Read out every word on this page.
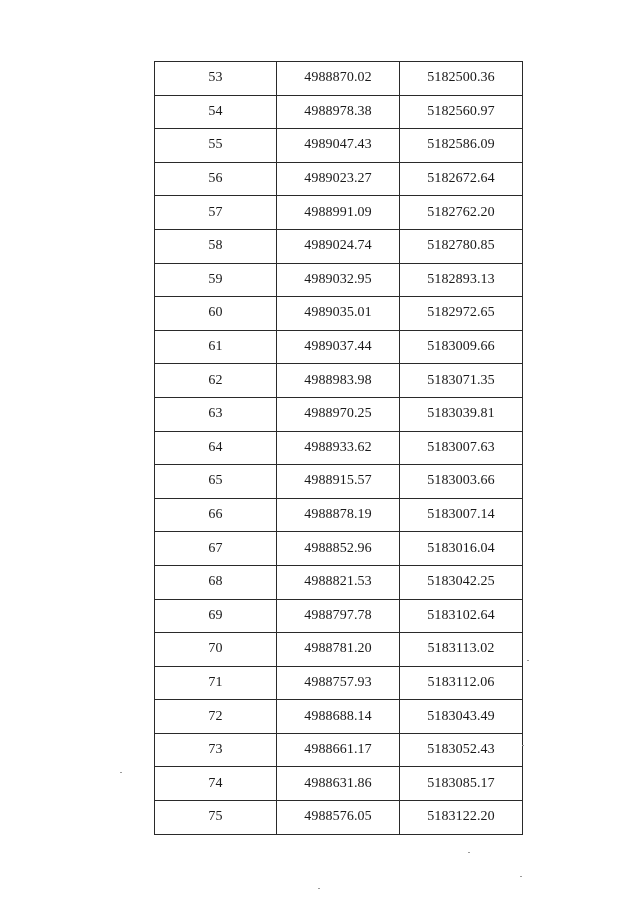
53	4988870.02	5182500.36
54	4988978.38	5182560.97
55	4989047.43	5182586.09
56	4989023.27	5182672.64
57	4988991.09	5182762.20
58	4989024.74	5182780.85
59	4989032.95	5182893.13
60	4989035.01	5182972.65
61	4989037.44	5183009.66
62	4988983.98	5183071.35
63	4988970.25	5183039.81
64	4988933.62	5183007.63
65	4988915.57	5183003.66
66	4988878.19	5183007.14
67	4988852.96	5183016.04
68	4988821.53	5183042.25
69	4988797.78	5183102.64
70	4988781.20	5183113.02
71	4988757.93	5183112.06
72	4988688.14	5183043.49
73	4988661.17	5183052.43
74	4988631.86	5183085.17
75	4988576.05	5183122.20
